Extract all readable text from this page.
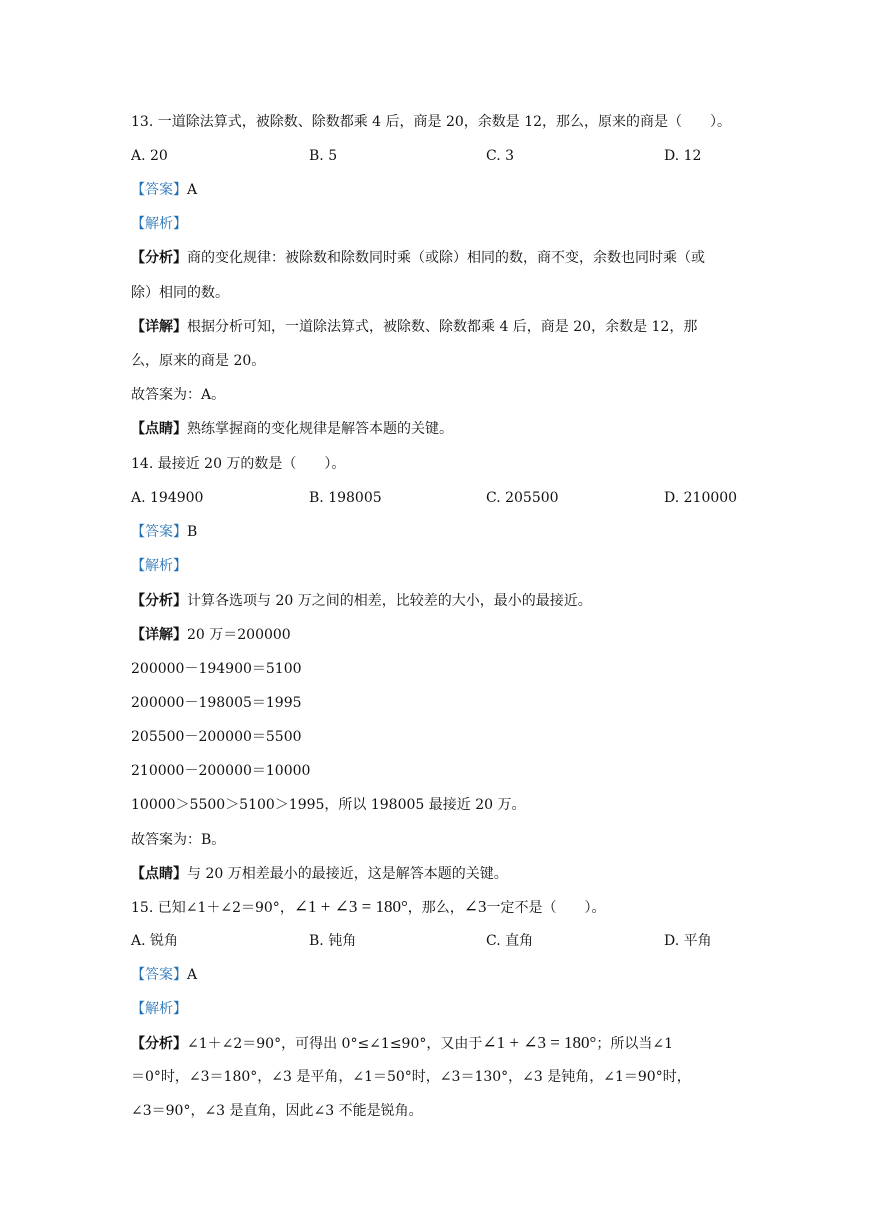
13. 一道除法算式，被除数、除数都乘 4 后，商是 20，余数是 12，那么，原来的商是（　　）。
A. 20	B. 5	C. 3	D. 12
【答案】A
【解析】
【分析】商的变化规律：被除数和除数同时乘（或除）相同的数，商不变，余数也同时乘（或
除）相同的数。
【详解】根据分析可知，一道除法算式，被除数、除数都乘 4 后，商是 20，余数是 12，那
么，原来的商是 20。
故答案为：A。
【点睛】熟练掌握商的变化规律是解答本题的关键。
14. 最接近 20 万的数是（　　）。
A. 194900	B. 198005	C. 205500	D. 210000
【答案】B
【解析】
【分析】计算各选项与 20 万之间的相差，比较差的大小，最小的最接近。
【详解】20 万＝200000
200000－194900＝5100
200000－198005＝1995
205500－200000＝5500
210000－200000＝10000
10000＞5500＞5100＞1995，所以 198005 最接近 20 万。
故答案为：B。
【点睛】与 20 万相差最小的最接近，这是解答本题的关键。
15. 已知∠1＋∠2＝90°，∠1 + ∠3 = 180°，那么，∠3一定不是（　　）。
A. 锐角	B. 钝角	C. 直角	D. 平角
【答案】A
【解析】
【分析】∠1＋∠2＝90°，可得出 0°≤∠1≤90°，又由于∠1 + ∠3 = 180°；所以当∠1
＝0°时，∠3＝180°，∠3 是平角，∠1＝50°时，∠3＝130°，∠3 是钝角，∠1＝90°时，
∠3＝90°，∠3 是直角，因此∠3 不能是锐角。
